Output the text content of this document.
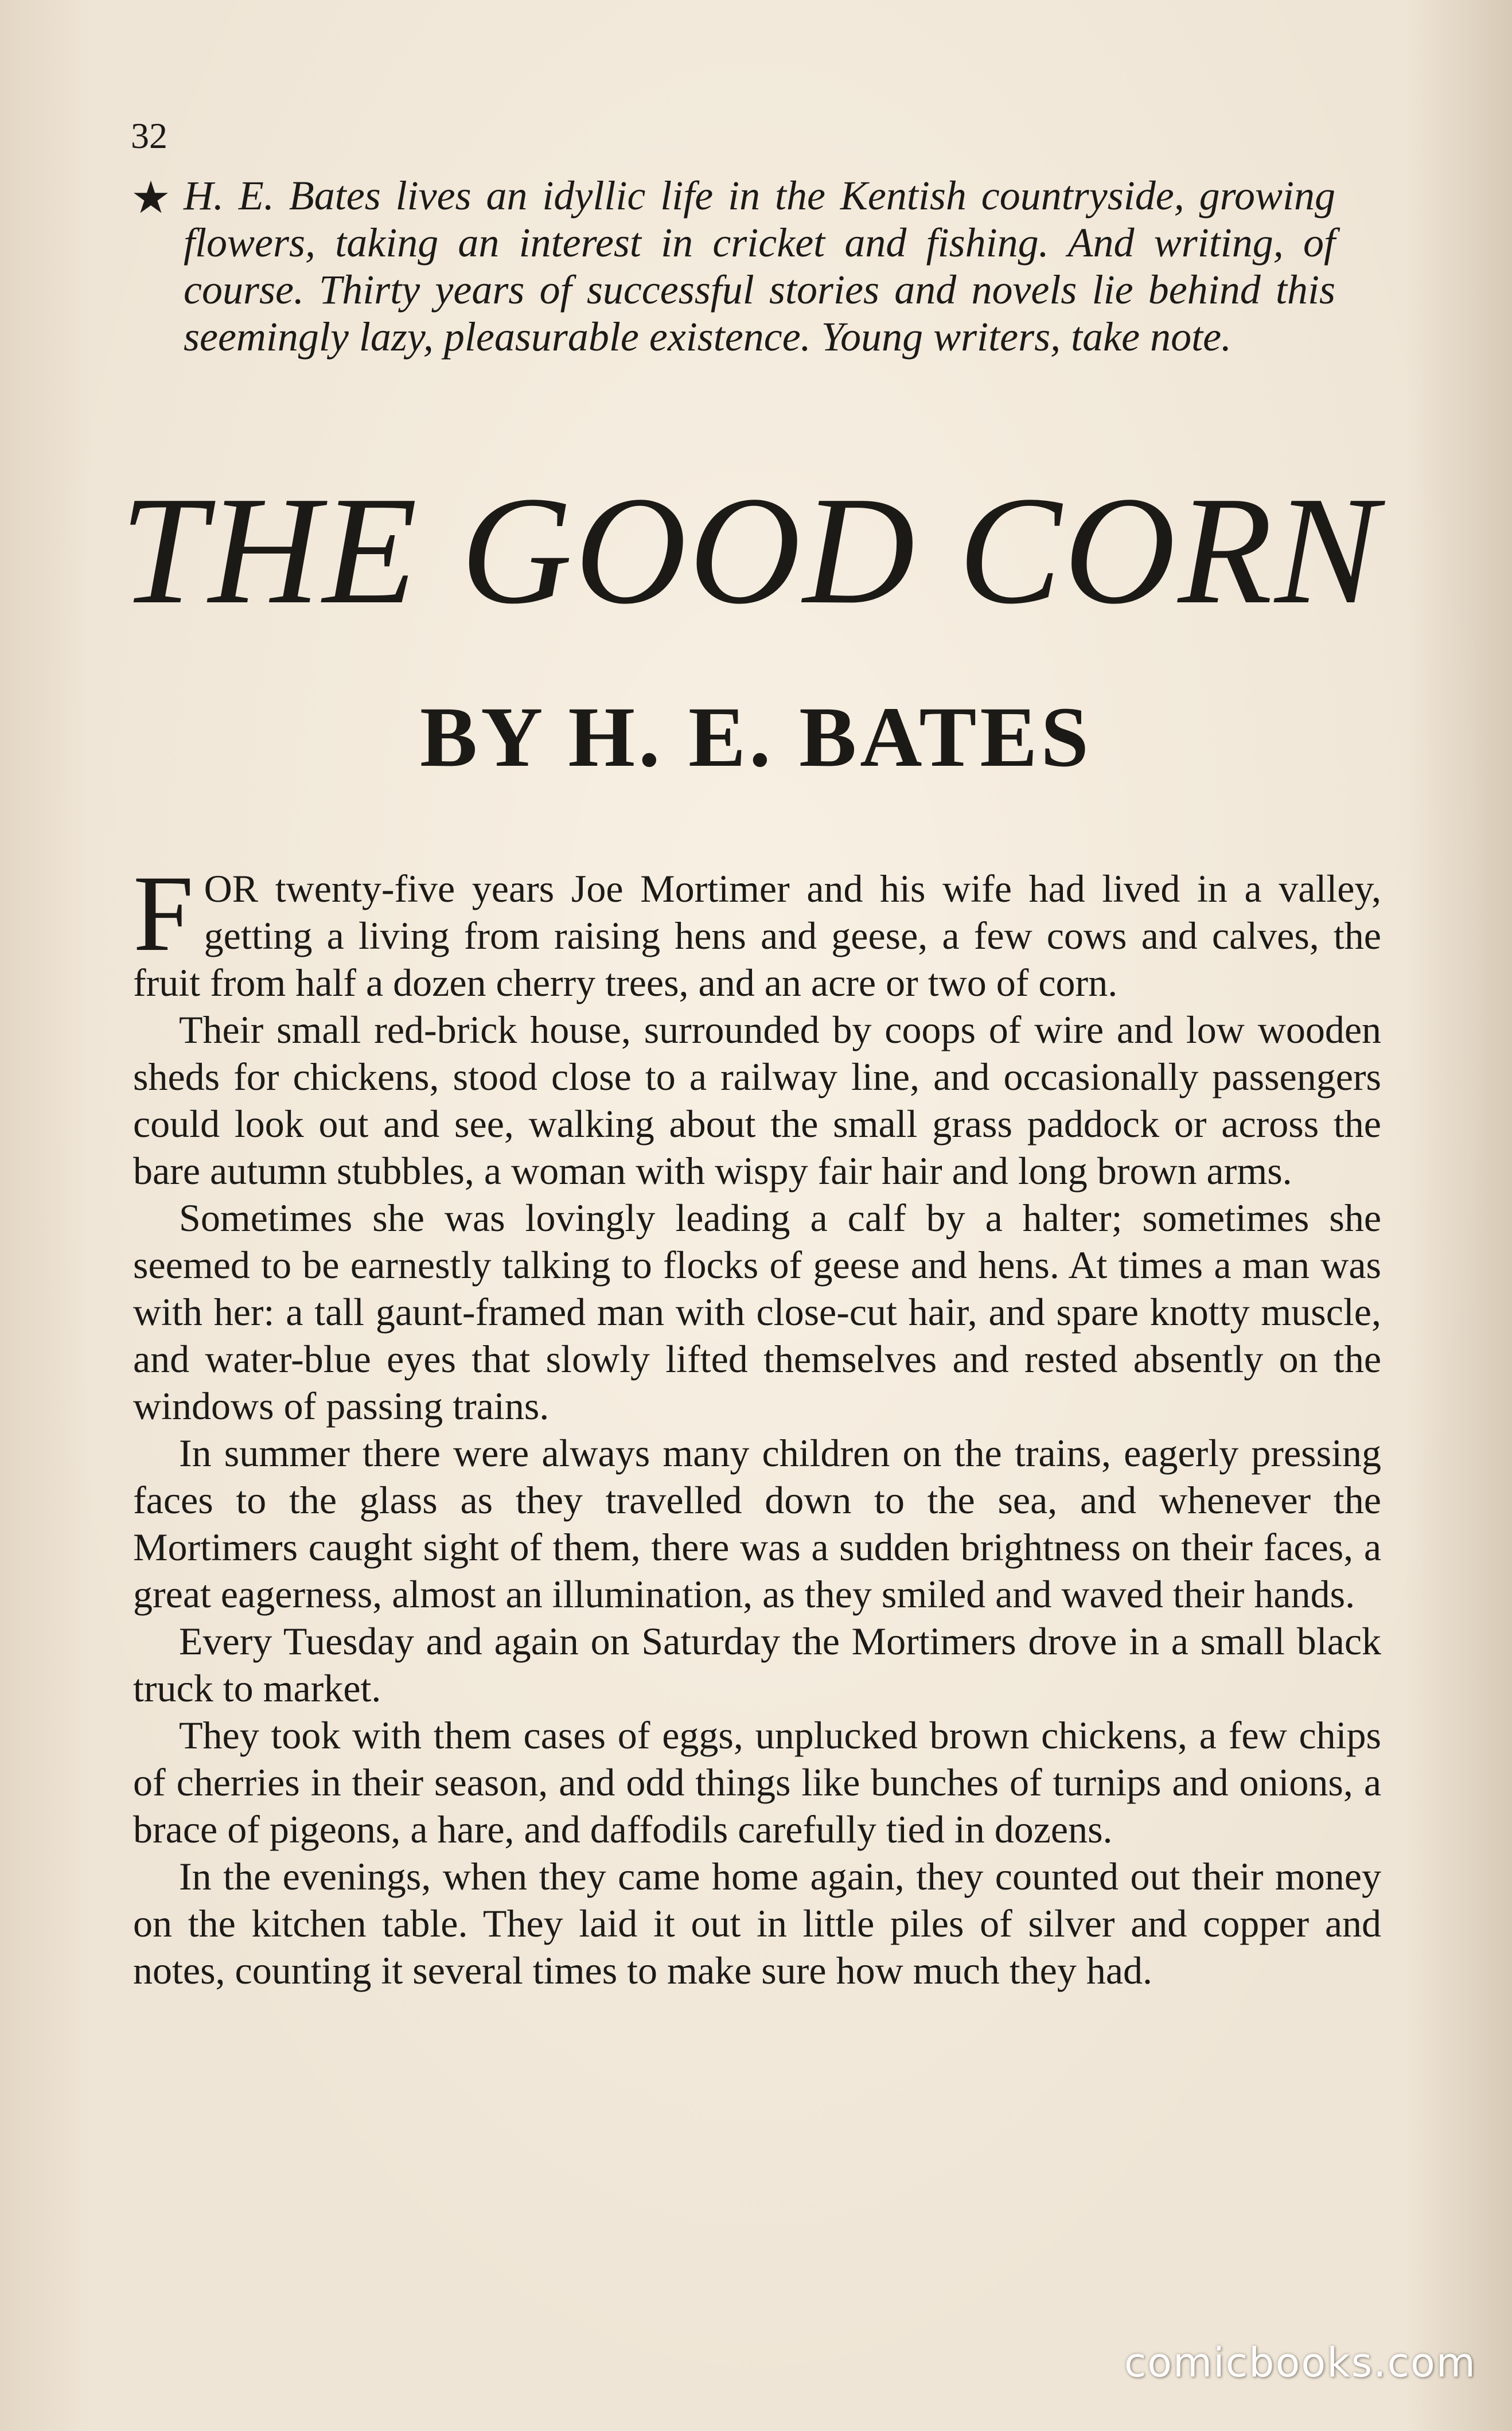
32
★ H. E. Bates lives an idyllic life in the Kentish countryside, growing flowers, taking an interest in cricket and fishing. And writing, of course. Thirty years of successful stories and novels lie behind this seemingly lazy, pleasurable existence. Young writers, take note.
THE GOOD CORN
BY H. E. BATES

FOR twenty-five years Joe Mortimer and his wife had lived in a valley, getting a living from raising hens and geese, a few cows and calves, the fruit from half a dozen cherry trees, and an acre or two of corn.

Their small red-brick house, surrounded by coops of wire and low wooden sheds for chickens, stood close to a railway line, and occasionally passengers could look out and see, walking about the small grass paddock or across the bare autumn stubbles, a woman with wispy fair hair and long brown arms.

Sometimes she was lovingly leading a calf by a halter; sometimes she seemed to be earnestly talking to flocks of geese and hens. At times a man was with her: a tall gaunt-framed man with close-cut hair, and spare knotty muscle, and water-blue eyes that slowly lifted themselves and rested absently on the windows of passing trains.

In summer there were always many children on the trains, eagerly pressing faces to the glass as they travelled down to the sea, and whenever the Mortimers caught sight of them, there was a sudden brightness on their faces, a great eagerness, almost an illumination, as they smiled and waved their hands.

Every Tuesday and again on Saturday the Mortimers drove in a small black truck to market.

They took with them cases of eggs, unplucked brown chickens, a few chips of cherries in their season, and odd things like bunches of turnips and onions, a brace of pigeons, a hare, and daffodils carefully tied in dozens.

In the evenings, when they came home again, they counted out their money on the kitchen table. They laid it out in little piles of silver and copper and notes, counting it several times to make sure how much they had.

comicbooks.com
